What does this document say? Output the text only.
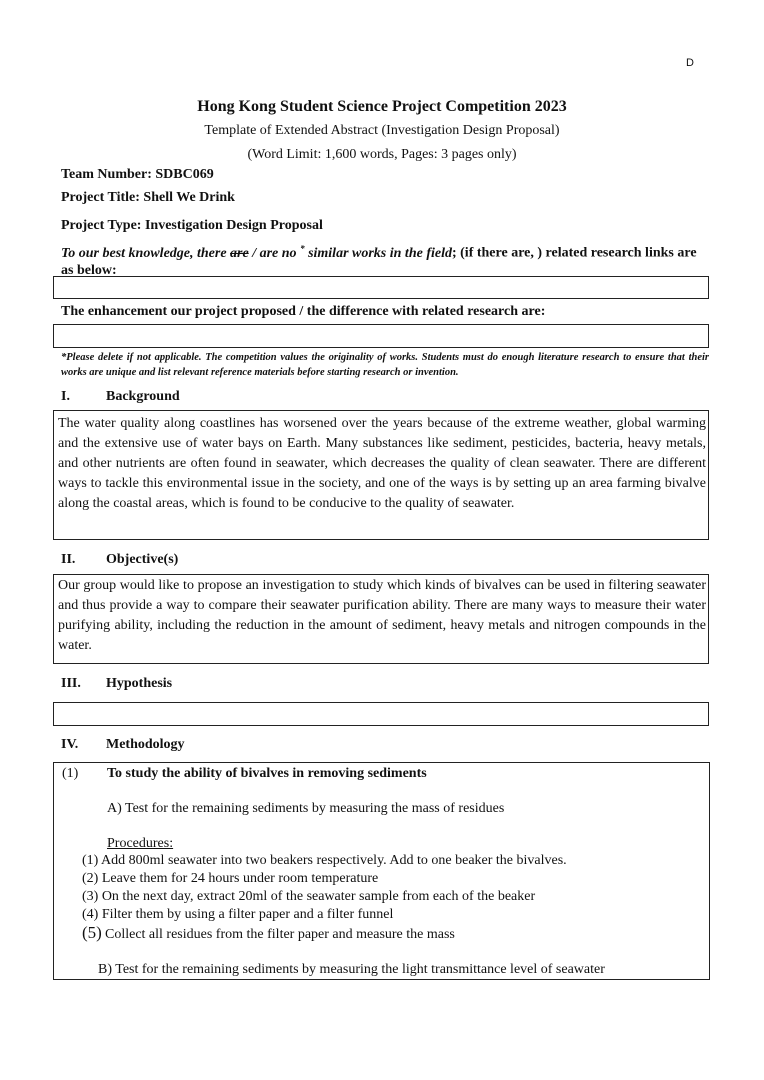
D
Hong Kong Student Science Project Competition 2023
Template of Extended Abstract (Investigation Design Proposal)
(Word Limit: 1,600 words, Pages: 3 pages only)
Team Number: SDBC069
Project Title: Shell We Drink
Project Type: Investigation Design Proposal
To our best knowledge, there are / are no * similar works in the field; (if there are, ) related research links are as below:
The enhancement our project proposed / the difference with related research are:
*Please delete if not applicable. The competition values the originality of works. Students must do enough literature research to ensure that their works are unique and list relevant reference materials before starting research or invention.
I.	Background
The water quality along coastlines has worsened over the years because of the extreme weather, global warming and the extensive use of water bays on Earth. Many substances like sediment, pesticides, bacteria, heavy metals, and other nutrients are often found in seawater, which decreases the quality of clean seawater. There are different ways to tackle this environmental issue in the society, and one of the ways is by setting up an area farming bivalve along the coastal areas, which is found to be conducive to the quality of seawater.
II. Objective(s)
Our group would like to propose an investigation to study which kinds of bivalves can be used in filtering seawater and thus provide a way to compare their seawater purification ability. There are many ways to measure their water purifying ability, including the reduction in the amount of sediment, heavy metals and nitrogen compounds in the water.
III. Hypothesis
IV. Methodology
(1) To study the ability of bivalves in removing sediments
A) Test for the remaining sediments by measuring the mass of residues
Procedures:
(1) Add 800ml seawater into two beakers respectively. Add to one beaker the bivalves.
(2) Leave them for 24 hours under room temperature
(3) On the next day, extract 20ml of the seawater sample from each of the beaker
(4) Filter them by using a filter paper and a filter funnel
(5) Collect all residues from the filter paper and measure the mass
B) Test for the remaining sediments by measuring the light transmittance level of seawater
